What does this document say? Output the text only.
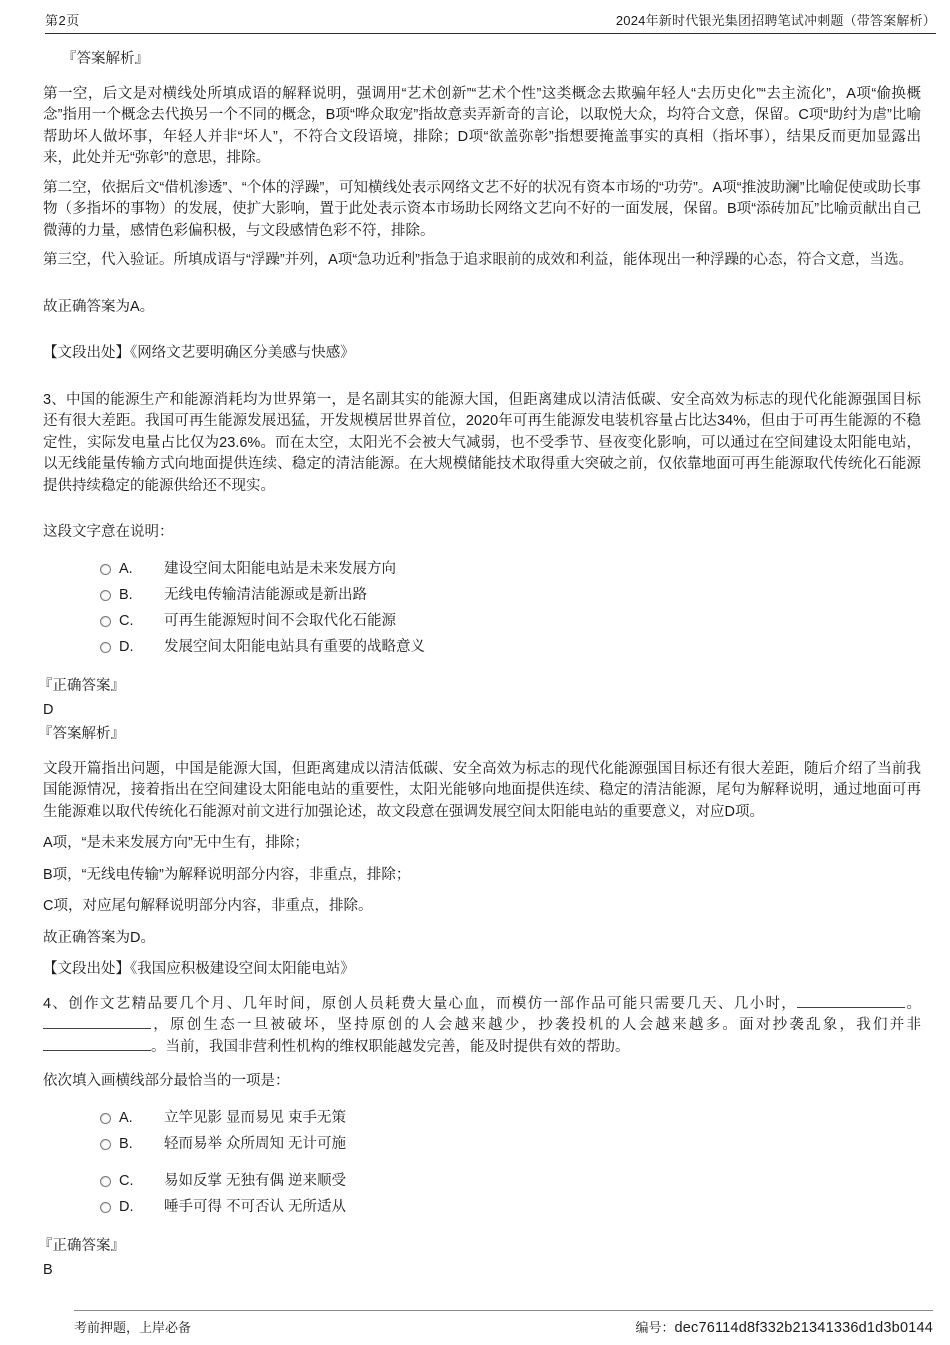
第2页	2024年新时代银光集团招聘笔试冲刺题（带答案解析）
『答案解析』

第一空，后文是对横线处所填成语的解释说明，强调用“艺术创新”“艺术个性”这类概念去欺骗年轻人“去历史化”“去主流化”，A项“偷换概念”指用一个概念去代换另一个不同的概念，B项“哗众取宠”指故意卖弄新奇的言论，以取悦大众，均符合文意，保留。C项“助纣为虐”比喻帮助坏人做坏事，年轻人并非“坏人”，不符合文段语境，排除；D项“欲盖弥彰”指想要掩盖事实的真相（指坏事），结果反而更加显露出来，此处并无“弥彰”的意思，排除。

第二空，依据后文“借机渗透”、“个体的浮躁”，可知横线处表示网络文艺不好的状况有资本市场的“功劳”。A项“推波助澜”比喻促使或助长事物（多指坏的事物）的发展，使扩大影响，置于此处表示资本市场助长网络文艺向不好的一面发展，保留。B项“添砖加瓦”比喻贡献出自己微薄的力量，感情色彩偏积极，与文段感情色彩不符，排除。

第三空，代入验证。所填成语与“浮躁”并列，A项“急功近利”指急于追求眼前的成效和利益，能体现出一种浮躁的心态，符合文意，当选。

故正确答案为A。

【文段出处】《网络文艺要明确区分美感与快感》

3、中国的能源生产和能源消耗均为世界第一，是名副其实的能源大国，但距离建成以清洁低碳、安全高效为标志的现代化能源强国目标还有很大差距。我国可再生能源发展迅猛，开发规模居世界首位，2020年可再生能源发电装机容量占比达34%，但由于可再生能源的不稳定性，实际发电量占比仅为23.6%。而在太空，太阳光不会被大气减弱，也不受季节、昼夜变化影响，可以通过在空间建设太阳能电站，以无线能量传输方式向地面提供连续、稳定的清洁能源。在大规模储能技术取得重大突破之前，仅依靠地面可再生能源取代传统化石能源提供持续稳定的能源供给还不现实。

这段文字意在说明：

A.	建设空间太阳能电站是未来发展方向
B.	无线电传输清洁能源或是新出路
C.	可再生能源短时间不会取代化石能源
D.	发展空间太阳能电站具有重要的战略意义
『正确答案』
D
『答案解析』

文段开篇指出问题，中国是能源大国，但距离建成以清洁低碳、安全高效为标志的现代化能源强国目标还有很大差距，随后介绍了当前我国能源情况，接着指出在空间建设太阳能电站的重要性，太阳光能够向地面提供连续、稳定的清洁能源，尾句为解释说明，通过地面可再生能源难以取代传统化石能源对前文进行加强论述，故文段意在强调发展空间太阳能电站的重要意义，对应D项。

A项，“是未来发展方向”无中生有，排除；

B项，“无线电传输”为解释说明部分内容，非重点，排除；

C项，对应尾句解释说明部分内容，非重点，排除。

故正确答案为D。

【文段出处】《我国应积极建设空间太阳能电站》

4、创作文艺精品要几个月、几年时间，原创人员耗费大量心血，而模仿一部作品可能只需要几天、几小时，	。，原创生态一旦被破坏，坚持原创的人会越来越少，抄袭投机的人会越来越多。面对抄袭乱象，我们并非。当前，我国非营利性机构的维权职能越发完善，能及时提供有效的帮助。

依次填入画横线部分最恰当的一项是：

A.	立竿见影 显而易见 束手无策
B.	轻而易举 众所周知 无计可施
C.	易如反掌 无独有偶 逆来顺受
D.	唾手可得 不可否认 无所适从
『正确答案』
B
考前押题，上岸必备	编号：dec76114d8f332b21341336d1d3b0144
